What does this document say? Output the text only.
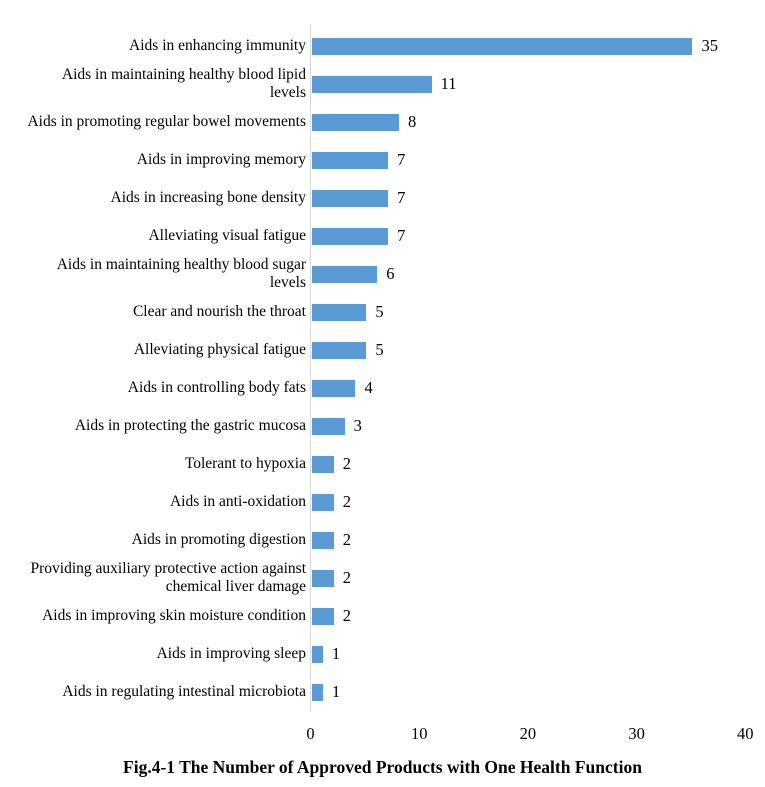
Aids in enhancing immunity	35
Aids in maintaining healthy blood lipid
levels	11
Aids in promoting regular bowel movements	8
Aids in improving memory	7
Aids in increasing bone density	7
Alleviating visual fatigue	7
Aids in maintaining healthy blood sugar
levels	6
Clear and nourish the throat	5
Alleviating physical fatigue	5
Aids in controlling body fats	4
Aids in protecting the gastric mucosa	3
Tolerant to hypoxia 2
Aids in anti-oxidation 2
Aids in promoting digestion 2
Providing auxiliary protective action against
chemical liver damage 2
Aids in improving skin moisture condition 2
Aids in improving sleep 1
Aids in regulating intestinal microbiota 1
0	10	20	30	40
Fig.4-1 The Number of Approved Products with One Health Function
